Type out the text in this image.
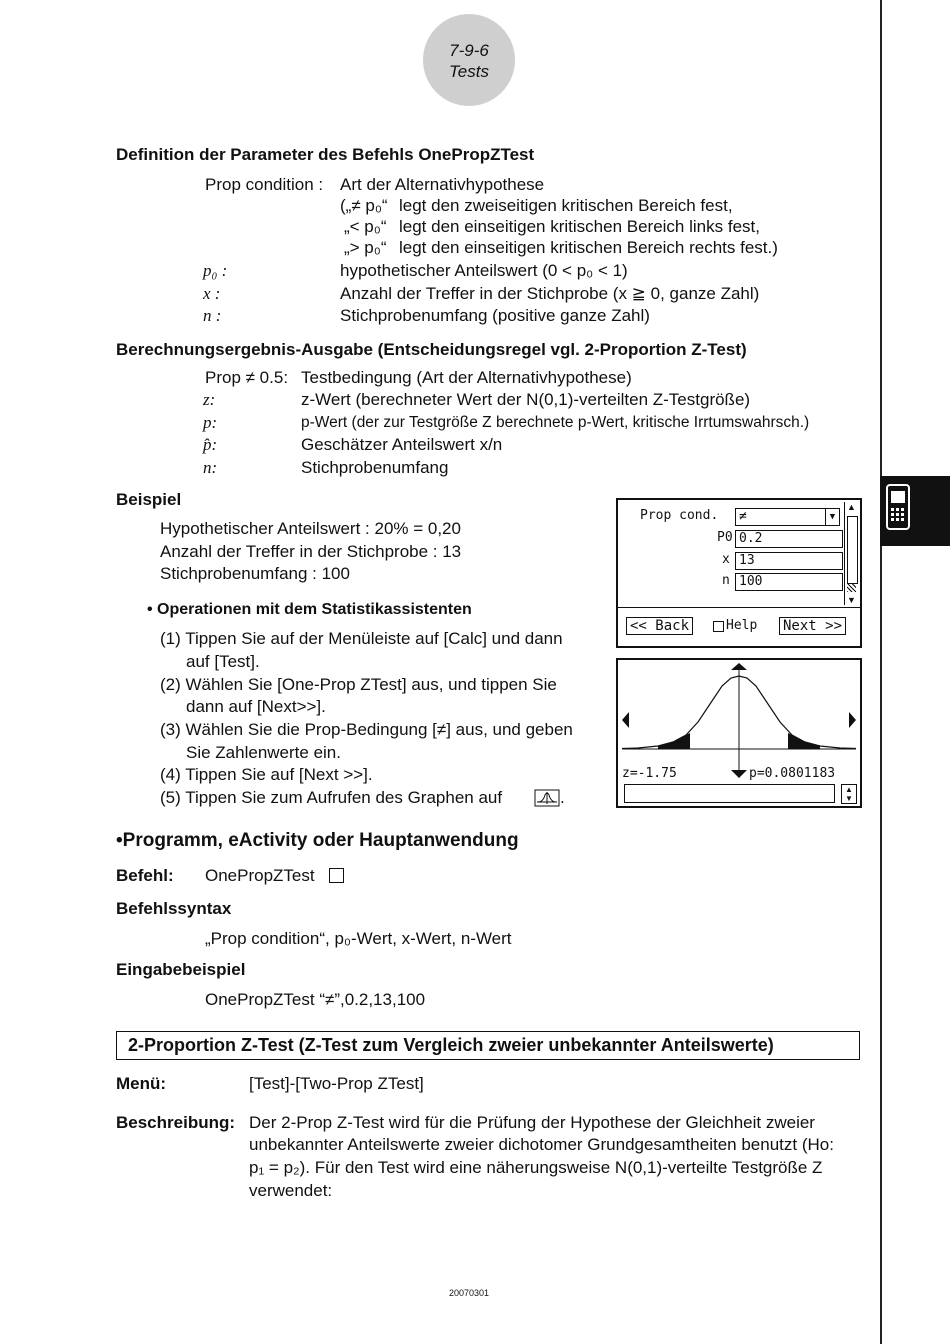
7-9-6
Tests
Definition der Parameter des Befehls OnePropZTest
Prop condition : Art der Alternativhypothese
(„≠ p₀“ legt den zweiseitigen kritischen Bereich fest,
„< p₀“ legt den einseitigen kritischen Bereich links fest,
„> p₀“ legt den einseitigen kritischen Bereich rechts fest.)
p₀ :	hypothetischer Anteilswert (0 < p₀ < 1)
x :	Anzahl der Treffer in der Stichprobe (x ≧ 0, ganze Zahl)
n :	Stichprobenumfang (positive ganze Zahl)
Berechnungsergebnis-Ausgabe (Entscheidungsregel vgl. 2-Proportion Z-Test)
Prop ≠ 0.5: Testbedingung (Art der Alternativhypothese)
z:	z-Wert (berechneter Wert der N(0,1)-verteilten Z-Testgröße)
p:	p-Wert (der zur Testgröße Z berechnete p-Wert, kritische Irrtumswahrsch.)
p̂:	Geschätzer Anteilswert x/n
n:	Stichprobenumfang
Beispiel
Hypothetischer Anteilswert : 20% = 0,20
Anzahl der Treffer in der Stichprobe : 13
Stichprobenumfang : 100
• Operationen mit dem Statistikassistenten
(1) Tippen Sie auf der Menüleiste auf [Calc] und dann
auf [Test].
(2) Wählen Sie [One-Prop ZTest] aus, und tippen Sie
dann auf [Next>>].
(3) Wählen Sie die Prop-Bedingung [≠] aus, und geben
Sie Zahlenwerte ein.
(4) Tippen Sie auf [Next >>].
(5) Tippen Sie zum Aufrufen des Graphen auf	.
Prop cond.	≠	▼
P0 0.2
x 13
n 100
▲
▼
<< Back	Help Next >>
z=-1.75	p=0.0801183
▲
▼
•Programm, eActivity oder Hauptanwendung
Befehl: OnePropZTest
Befehlssyntax
„Prop condition“, p₀-Wert, x-Wert, n-Wert
Eingabebeispiel
OnePropZTest “≠”,0.2,13,100
2-Proportion Z-Test (Z-Test zum Vergleich zweier unbekannter Anteilswerte)
Menü:	[Test]-[Two-Prop ZTest]
Beschreibung: Der 2-Prop Z-Test wird für die Prüfung der Hypothese der Gleichheit zweier
unbekannter Anteilswerte zweier dichotomer Grundgesamtheiten benutzt (Ho:
p₁ = p₂). Für den Test wird eine näherungsweise N(0,1)-verteilte Testgröße Z
verwendet:
20070301
